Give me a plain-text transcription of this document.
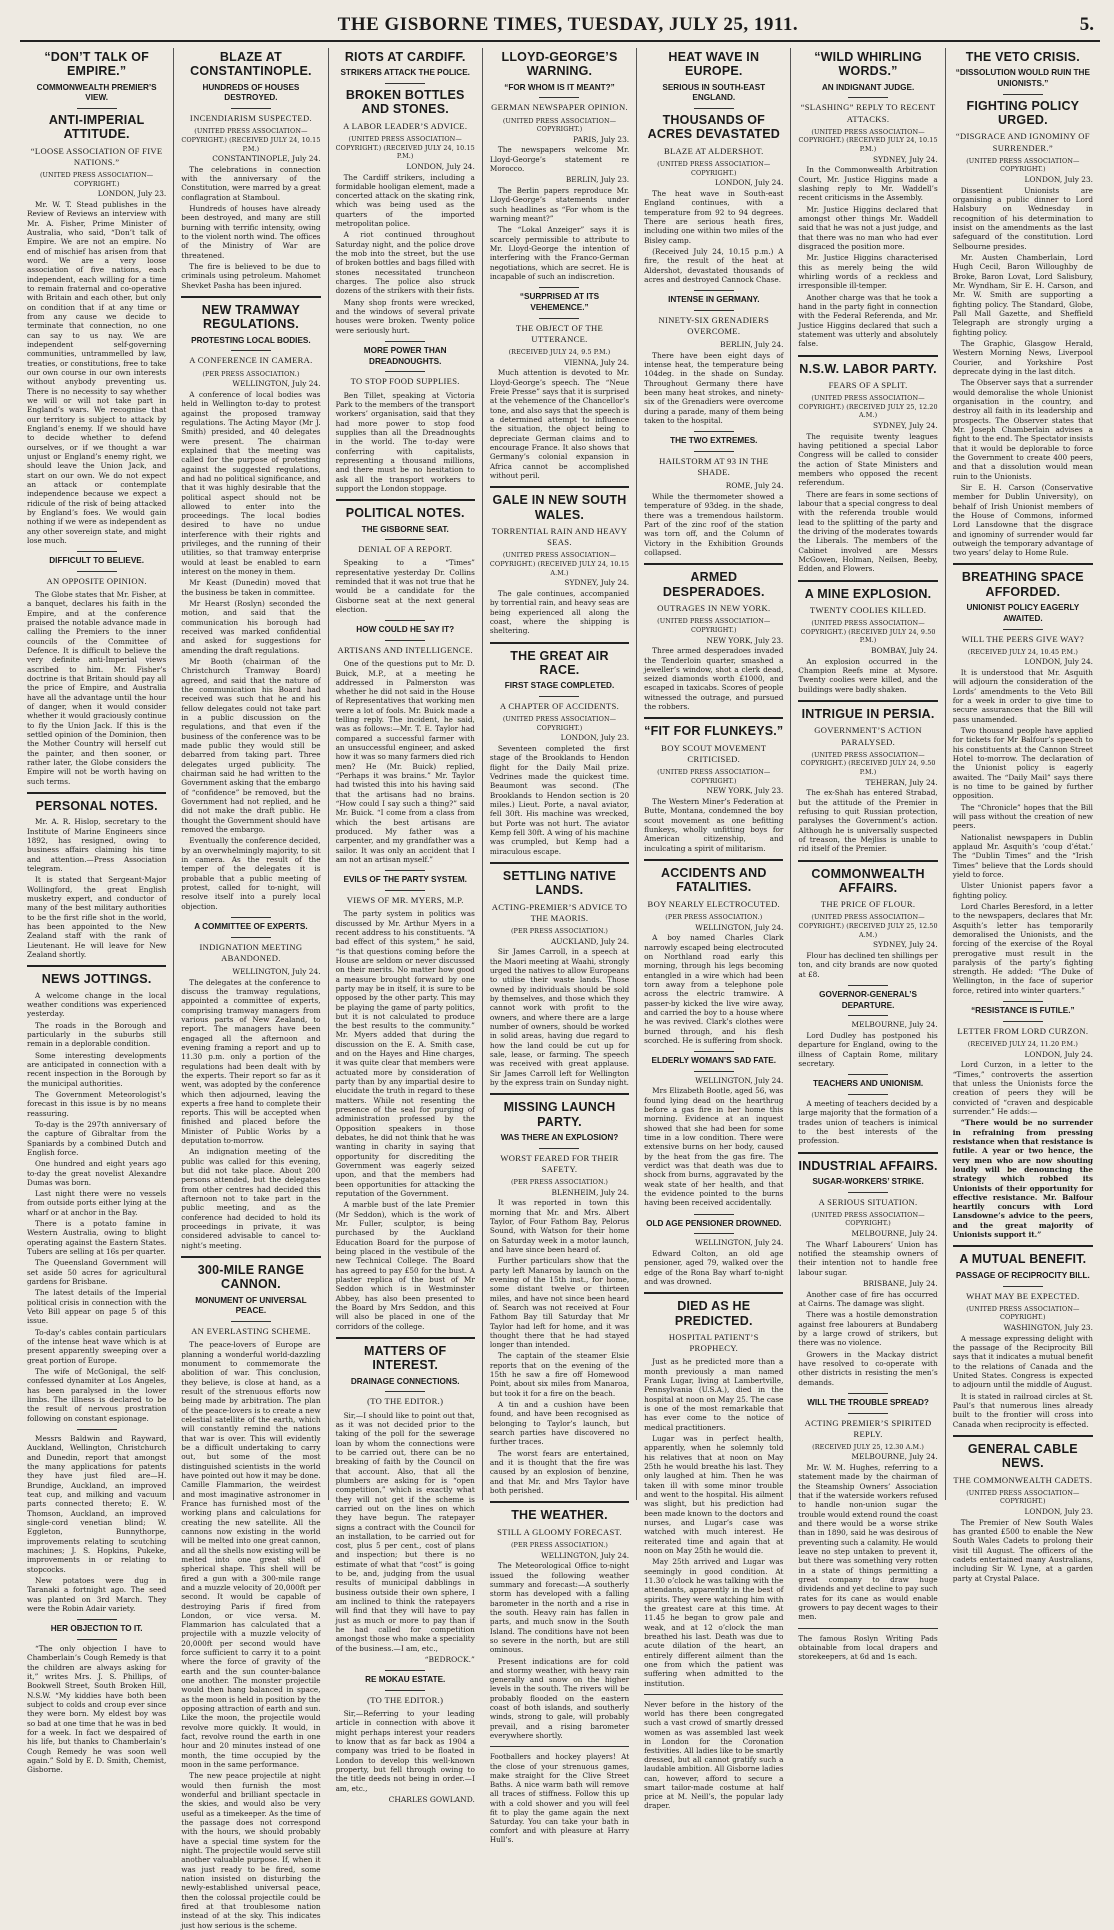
THE GISBORNE TIMES, TUESDAY, JULY 25, 1911.	5.
“DON’T TALK OF EMPIRE.”
COMMONWEALTH PREMIER’S VIEW.
ANTI-IMPERIAL ATTITUDE.
“LOOSE ASSOCIATION OF FIVE NATIONS.”
(UNITED PRESS ASSOCIATION—COPYRIGHT.)
LONDON, July 23.

Mr. W. T. Stead publishes in the Review of Reviews an interview with Mr. A. Fisher, Prime Minister of Australia, who said, “Don’t talk of Empire. We are not an empire. No end of mischief has arisen from that word. We are a very loose association of five nations, each independent, each willing for a time to remain fraternal and co-operative with Britain and each other, but only on condition that if at any time or from any cause we decide to terminate that connection, no one can say to us nay. We are independent self-governing communities, untrammelled by law, treaties, or constitutions, free to take our own course in our own interests without anybody preventing us. There is no necessity to say whether we will or will not take part in England’s wars. We recognise that our territory is subject to attack by England’s enemy. If we should have to decide whether to defend ourselves, or if we thought a war unjust or England’s enemy right, we should leave the Union Jack, and start on our own. We do not expect an attack or contemplate independence because we expect a ridicule of the risk of being attacked by England’s foes. We would gain nothing if we were as independent as any other sovereign state, and might lose much.

DIFFICULT TO BELIEVE.
AN OPPOSITE OPINION.

The Globe states that Mr. Fisher, at a banquet, declares his faith in the Empire, and at the conference praised the notable advance made in calling the Premiers to the inner councils of the Committee of Defence. It is difficult to believe the very definite anti-Imperial views ascribed to him. Mr. Fisher’s doctrine is that Britain should pay all the price of Empire, and Australia have all the advantage until the hour of danger, when it would consider whether it would graciously continue to fly the Union Jack. If this is the settled opinion of the Dominion, then the Mother Country will herself cut the painter, and then sooner, or rather later, the Globe considers the Empire will not be worth having on such terms.

PERSONAL NOTES.

Mr. A. R. Hislop, secretary to the Institute of Marine Engineers since 1892, has resigned, owing to business affairs claiming his time and attention.—Press Association telegram.

It is stated that Sergeant-Major Wollingford, the great English musketry expert, and conductor of many of the best military authorities to be the first rifle shot in the world, has been appointed to the New Zealand staff with the rank of Lieutenant. He will leave for New Zealand shortly.

NEWS JOTTINGS.

A welcome change in the local weather conditions was experienced yesterday.

The roads in the Borough and particularly in the suburbs still remain in a deplorable condition.

Some interesting developments are anticipated in connection with a recent inspection in the Borough by the municipal authorities.

The Government Meteorologist’s forecast in this issue is by no means reassuring.

To-day is the 297th anniversary of the capture of Gibraltar from the Spaniards by a combined Dutch and English force.

One hundred and eight years ago to-day the great novelist Alexandre Dumas was born.

Last night there were no vessels from outside ports either lying at the wharf or at anchor in the Bay.

There is a potato famine in Western Australia, owing to blight operating against the Eastern States. Tubers are selling at 16s per quarter.

The Queensland Government will set aside 50 acres for agricultural gardens for Brisbane.

The latest details of the Imperial political crisis in connection with the Veto Bill appear on page 5 of this issue.

To-day’s cables contain particulars of the intense heat wave which is at present apparently sweeping over a great portion of Europe.

The wife of McGonigal, the self-confessed dynamiter at Los Angeles, has been paralysed in the lower limbs. The illness is declared to be the result of nervous prostration following on constant espionage.

Messrs Baldwin and Rayward, Auckland, Wellington, Christchurch and Dunedin, report that amongst the many applications for patents they have just filed are—H. Brundige, Auckland, an improved teat cup, and milking and vacuum parts connected thereto; E. W. Thomson, Auckland, an improved single-cord venetian blind; W. Eggleton, Bunnythorpe, improvements relating to scutching machines; J. S. Hopkins, Pukeke, improvements in or relating to stopcocks.

New potatoes were dug in Taranaki a fortnight ago. The seed was planted on 3rd March. They were the Robin Adair variety.

HER OBJECTION TO IT.

“The only objection I have to Chamberlain’s Cough Remedy is that the children are always asking for it,” writes Mrs. J. S. Phillips, of Bookwell Street, South Broken Hill, N.S.W. “My kiddies have both been subject to colds and croup ever since they were born. My eldest boy was so bad at one time that he was in bed for a week. In fact we despaired of his life, but thanks to Chamberlain’s Cough Remedy he was soon well again.” Sold by E. D. Smith, Chemist, Gisborne.

BLAZE AT CONSTANTINOPLE.
HUNDREDS OF HOUSES DESTROYED.
INCENDIARISM SUSPECTED.
(UNITED PRESS ASSOCIATION—COPYRIGHT.) (RECEIVED JULY 24, 10.15 P.M.)
CONSTANTINOPLE, July 24.

The celebrations in connection with the anniversary of the Constitution, were marred by a great conflagration at Stamboul.

Hundreds of houses have already been destroyed, and many are still burning with terrific intensity, owing to the violent north wind. The offices of the Ministry of War are threatened.

The fire is believed to be due to criminals using petroleum. Mahomet Shevket Pasha has been injured.

NEW TRAMWAY REGULATIONS.
PROTESTING LOCAL BODIES.
A CONFERENCE IN CAMERA.
(PER PRESS ASSOCIATION.)
WELLINGTON, July 24.

A conference of local bodies was held in Wellington to-day to protest against the proposed tramway regulations. The Acting Mayor (Mr J. Smith) presided, and 40 delegates were present. The chairman explained that the meeting was called for the purpose of protesting against the suggested regulations, and had no political significance, and that it was highly desirable that the political aspect should not be allowed to enter into the proceedings. The local bodies desired to have no undue interference with their rights and privileges, and the running of their utilities, so that tramway enterprise would at least be enabled to earn interest on the money in them.

Mr Keast (Dunedin) moved that the business be taken in committee.

Mr Hearst (Roslyn) seconded the motion, and said that the communication his borough had received was marked confidential and asked for suggestions for amending the draft regulations.

Mr Booth (chairman of the Christchurch Tramway Board) agreed, and said that the nature of the communication his Board had received was such that he and his fellow delegates could not take part in a public discussion on the regulations, and that even if the business of the conference was to be made public they would still be debarred from taking part. Three delegates urged publicity. The chairman said he had written to the Government asking that the embargo of “confidence” be removed, but the Government had not replied, and he did not make the draft public. He thought the Government should have removed the embargo.

Eventually the conference decided, by an overwhelmingly majority, to sit in camera. As the result of the temper of the delegates it is probable that a public meeting of protest, called for to-night, will resolve itself into a purely local objection.

A COMMITTEE OF EXPERTS.
INDIGNATION MEETING ABANDONED.
WELLINGTON, July 24.

The delegates at the conference to discuss the tramway regulations, appointed a committee of experts, comprising tramway managers from various parts of New Zealand, to report. The managers have been engaged all the afternoon and evening framing a report and up to 11.30 p.m. only a portion of the regulations had been dealt with by the experts. Their report so far as it went, was adopted by the conference which then adjourned, leaving the experts a free hand to complete their reports. This will be accepted when finished and placed before the Minister of Public Works by a deputation to-morrow.

An indignation meeting of the public was called for this evening, but did not take place. About 200 persons attended, but the delegates from other centres had decided this afternoon not to take part in the public meeting, and as the conference had decided to hold its proceedings in private, it was considered advisable to cancel to-night’s meeting.

300-MILE RANGE CANNON.
MONUMENT OF UNIVERSAL PEACE.
AN EVERLASTING SCHEME.

The peace-lovers of Europe are planning a wonderful world-dazzling monument to commemorate the abolition of war. This conclusion, they believe, is close at hand, as a result of the strenuous efforts now being made by arbitration. The plan of the peace-lovers is to create a new celestial satellite of the earth, which will constantly remind the nations that war is over. This will evidently be a difficult undertaking to carry out, but some of the most distinguished scientists in the world have pointed out how it may be done. Camille Flammarion, the weirdest and most imaginative astronomer in France has furnished most of the working plans and calculations for creating the new satellite. All the cannons now existing in the world will be melted into one great cannon, and all the shells now existing will be melted into one great shell of spherical shape. This shell will be fired a gun with a 300-mile range and a muzzle velocity of 20,000ft per second. It would be capable of destroying Paris if fired from London, or vice versa. M. Flammarion has calculated that a projectile with a muzzle velocity of 20,000ft per second would have force sufficient to carry it to a point where the force of gravity of the earth and the sun counter-balance one another. The monster projectile would then hang balanced in space, as the moon is held in position by the opposing attraction of earth and sun. Like the moon, the projectile would revolve more quickly. It would, in fact, revolve round the earth in one hour and 20 minutes instead of one month, the time occupied by the moon in the same performance.

The new peace projectile at night would then furnish the most wonderful and brilliant spectacle in the skies, and would also be very useful as a timekeeper. As the time of the passage does not correspond with the hours, we should probably have a special time system for the night. The projectile would serve still another valuable purpose. If, when it was just ready to be fired, some nation insisted on disturbing the newly-established universal peace, then the colossal projectile could be fired at that troublesome nation instead of at the sky. This indicates just how serious is the scheme.

RIOTS AT CARDIFF.
STRIKERS ATTACK THE POLICE.
BROKEN BOTTLES AND STONES.
A LABOR LEADER’S ADVICE.
(UNITED PRESS ASSOCIATION—COPYRIGHT.) (RECEIVED JULY 24, 10.15 P.M.)
LONDON, July 24.

The Cardiff strikers, including a formidable hooligan element, made a concerted attack on the skating rink, which was being used as the quarters of the imported metropolitan police.

A riot continued throughout Saturday night, and the police drove the mob into the street, but the use of broken bottles and bags filled with stones necessitated truncheon charges. The police also struck dozens of the strikers with their fists.

Many shop fronts were wrecked, and the windows of several private houses were broken. Twenty police were seriously hurt.

MORE POWER THAN DREADNOUGHTS.
TO STOP FOOD SUPPLIES.

Ben Tillet, speaking at Victoria Park to the members of the transport workers’ organisation, said that they had more power to stop food supplies than all the Dreadnoughts in the world. The to-day were conferring with capitalists, representing a thousand millions, and there must be no hesitation to ask all the transport workers to support the London stoppage.

POLITICAL NOTES.
THE GISBORNE SEAT.
DENIAL OF A REPORT.

Speaking to a “Times” representative yesterday Dr. Collins reminded that it was not true that he would be a candidate for the Gisborne seat at the next general election.

HOW COULD HE SAY IT?
ARTISANS AND INTELLIGENCE.

One of the questions put to Mr. D. Buick, M.P., at a meeting he addressed in Palmerston was whether he did not said in the House of Representatives that working men were a lot of fools. Mr. Buick made a telling reply. The incident, he said, was as follows:—Mr. T. E. Taylor had compared a successful farmer with an unsuccessful engineer, and asked how it was so many farmers died rich men? He (Mr. Buick) replied, “Perhaps it was brains.” Mr. Taylor had twisted this into his having said that the artisans had no brains. “How could I say such a thing?” said Mr. Buick. “I come from a class from which the best artisans are produced. My father was a carpenter, and my grandfather was a sailor. It was only an accident that I am not an artisan myself.”

EVILS OF THE PARTY SYSTEM.
VIEWS OF MR. MYERS, M.P.

The party system in politics was discussed by Mr. Arthur Myers in a recent address to his constituents. “A bad effect of this system,” he said, “is that questions coming before the House are seldom or never discussed on their merits. No matter how good a measure brought forward by one party may be in itself, it is sure to be opposed by the other party. This may be playing the game of party politics, but it is not calculated to produce the best results to the community.” Mr. Myers added that during the discussion on the E. A. Smith case, and on the Hayes and Hine charges, it was quite clear that members were actuated more by consideration of party than by any impartial desire to elucidate the truth in regard to these matters. While not resenting the presence of the seal for purging of administration professed by the Opposition speakers in those debates, he did not think that he was wanting in charity in saying that opportunity for discrediting the Government was eagerly seized upon, and that the members had been opportunities for attacking the reputation of the Government.

A marble bust of the late Premier (Mr Seddon), which is the work of Mr. Fuller, sculptor, is being purchased by the Auckland Education Board for the purpose of being placed in the vestibule of the new Technical College. The Board has agreed to pay £50 for the bust. A plaster replica of the bust of Mr Seddon which is in Westminster Abbey, has also been presented to the Board by Mrs Seddon, and this will also be placed in one of the corridors of the college.

MATTERS OF INTEREST.
DRAINAGE CONNECTIONS.
(TO THE EDITOR.)

Sir,—I should like to point out that, as it was not decided prior to the taking of the poll for the sewerage loan by whom the connections were to be carried out, there can be no breaking of faith by the Council on that account. Also, that all the plumbers are asking for is “open competition,” which is exactly what they will not get if the scheme is carried out on the lines on which they have begun. The ratepayer signs a contract with the Council for an installation, to be carried out for cost, plus 5 per cent., cost of plans and inspection; but there is no estimate of what that “cost” is going to be, and, judging from the usual results of municipal dabblings in business outside their own sphere, I am inclined to think the ratepayers will find that they will have to pay just as much or more to pay than if he had called for competition amongst those who make a speciality of the business.—I am, etc.,

“BEDROCK.”
RE MOKAU ESTATE.
(TO THE EDITOR.)

Sir,—Referring to your leading article in connection with above it might perhaps interest your readers to know that as far back as 1904 a company was tried to be floated in London to develop this well-known property, but fell through owing to the title deeds not being in order.—I am, etc.,

CHARLES GOWLAND.
LLOYD-GEORGE’S WARNING.
“FOR WHOM IS IT MEANT?”
GERMAN NEWSPAPER OPINION.
(UNITED PRESS ASSOCIATION—COPYRIGHT.)
PARIS, July 23.

The newspapers welcome Mr. Lloyd-George’s statement re Morocco.

BERLIN, July 23.

The Berlin papers reproduce Mr. Lloyd-George’s statements under such headlines as “For whom is the warning meant?”

The “Lokal Anzeiger” says it is scarcely permissible to attribute to Mr. Lloyd-George the intention of interfering with the Franco-German negotiations, which are secret. He is incapable of such an indiscretion.

“SURPRISED AT ITS VEHEMENCE.”
THE OBJECT OF THE UTTERANCE.
(RECEIVED JULY 24, 9.5 P.M.)
VIENNA, July 24.

Much attention is devoted to Mr. Lloyd-George’s speech. The “Neue Freie Presse” says that it is surprised at the vehemence of the Chancellor’s tone, and also says that the speech is a determined attempt to influence the situation, the object being to depreciate German claims and to encourage France. It also shows that Germany’s colonial expansion in Africa cannot be accomplished without peril.

GALE IN NEW SOUTH WALES.
TORRENTIAL RAIN AND HEAVY SEAS.
(UNITED PRESS ASSOCIATION—COPYRIGHT.) (RECEIVED JULY 24, 10.15 A.M.)
SYDNEY, July 24.

The gale continues, accompanied by torrential rain, and heavy seas are being experienced all along the coast, where the shipping is sheltering.

THE GREAT AIR RACE.
FIRST STAGE COMPLETED.
A CHAPTER OF ACCIDENTS.
(UNITED PRESS ASSOCIATION—COPYRIGHT.)
LONDON, July 23.

Seventeen completed the first stage of the Brooklands to Hendon flight for the Daily Mail prize. Vedrines made the quickest time. Beaumont was second. (The Brooklands to Hendon section is 20 miles.) Lieut. Porte, a naval aviator, fell 30ft. His machine was wrecked, but Porte was not hurt. The aviator Kemp fell 30ft. A wing of his machine was crumpled, but Kemp had a miraculous escape.

SETTLING NATIVE LANDS.
ACTING-PREMIER’S ADVICE TO THE MAORIS.
(PER PRESS ASSOCIATION.)
AUCKLAND, July 24.

Sir James Carroll, in a speech at the Maori meeting at Waahi, strongly urged the natives to allow Europeans to utilise their waste lands. Those owned by individuals should be sold by themselves, and those which they cannot work with profit to the owners, and where there are a large number of owners, should be worked in solid areas, having due regard to how the land could be cut up for sale, lease, or farming. The speech was received with great applause. Sir James Carroll left for Wellington by the express train on Sunday night.

MISSING LAUNCH PARTY.
WAS THERE AN EXPLOSION?
WORST FEARED FOR THEIR SAFETY.
(PER PRESS ASSOCIATION.)
BLENHEIM, July 24.

It was reported in town this morning that Mr. and Mrs. Albert Taylor, of Four Fathom Bay, Pelorus Sound, with Watson for their home on Saturday week in a motor launch, and have since been heard of.

Further particulars show that the party left Manaroa by launch on the evening of the 15th inst., for home, some distant twelve or thirteen miles, and have not since been heard of. Search was not received at Four Fathom Bay till Saturday that Mr Taylor had left for home, and it was thought there that he had stayed longer than intended.

The captain of the steamer Elsie reports that on the evening of the 15th he saw a fire off Homewood Point, about six miles from Manaroa, but took it for a fire on the beach.

A tin and a cushion have been found, and have been recognised as belonging to Taylor’s launch, but search parties have discovered no further traces.

The worst fears are entertained, and it is thought that the fire was caused by an explosion of benzine, and that Mr. and Mrs Taylor have both perished.

THE WEATHER.
STILL A GLOOMY FORECAST.
(PER PRESS ASSOCIATION.)
WELLINGTON, July 24.

The Meteorological Office to-night issued the following weather summary and forecast:—A southerly storm has developed with a falling barometer in the north and a rise in the south. Heavy rain has fallen in parts, and much snow in the South Island. The conditions have not been so severe in the north, but are still ominous.

Present indications are for cold and stormy weather, with heavy rain generally and snow on the higher levels in the south. The rivers will be probably flooded on the eastern coast of both islands, and southerly winds, strong to gale, will probably prevail, and a rising barometer everywhere shortly.

Footballers and hockey players! At the close of your strenuous games, make straight for the Clive Street Baths. A nice warm bath will remove all traces of stiffness. Follow this up with a cold shower and you will feel fit to play the game again the next Saturday. You can take your bath in comfort and with pleasure at Harry Hull’s.

HEAT WAVE IN EUROPE.
SERIOUS IN SOUTH-EAST ENGLAND.
THOUSANDS OF ACRES DEVASTATED
BLAZE AT ALDERSHOT.
(UNITED PRESS ASSOCIATION—COPYRIGHT.)
LONDON, July 24.

The heat wave in South-east England continues, with a temperature from 92 to 94 degrees. There are serious heath fires, including one within two miles of the Bisley camp.

(Received July 24, 10.15 p.m.) A fire, the result of the heat at Aldershot, devastated thousands of acres and destroyed Cannock Chase.

INTENSE IN GERMANY.
NINETY-SIX GRENADIERS OVERCOME.
BERLIN, July 24.

There have been eight days of intense heat, the temperature being 104deg. in the shade on Sunday. Throughout Germany there have been many heat strokes, and ninety-six of the Grenadiers were overcome during a parade, many of them being taken to the hospital.

THE TWO EXTREMES.
HAILSTORM AT 93 IN THE SHADE.
ROME, July 24.

While the thermometer showed a temperature of 93deg. in the shade, there was a tremendous hailstorm. Part of the zinc roof of the station was torn off, and the Column of Victory in the Exhibition Grounds collapsed.

ARMED DESPERADOES.
OUTRAGES IN NEW YORK.
(UNITED PRESS ASSOCIATION—COPYRIGHT.)
NEW YORK, July 23.

Three armed desperadoes invaded the Tenderloin quarter, smashed a jeweller’s window, shot a clerk dead, seized diamonds worth £1000, and escaped in taxicabs. Scores of people witnessed the outrage, and pursued the robbers.

“FIT FOR FLUNKEYS.”
BOY SCOUT MOVEMENT CRITICISED.
(UNITED PRESS ASSOCIATION—COPYRIGHT.)
NEW YORK, July 23.

The Western Miner’s Federation at Butte, Montana, condemned the boy scout movement as one befitting flunkeys, wholly unfitting boys for American citizenship, and inculcating a spirit of militarism.

ACCIDENTS AND FATALITIES.
BOY NEARLY ELECTROCUTED.
(PER PRESS ASSOCIATION.)
WELLINGTON, July 24.

A boy named Charles Clark narrowly escaped being electrocuted on Northland road early this morning, through his legs becoming entangled in a wire which had been torn away from a telephone pole across the electric tramwire. A passer-by kicked the live wire away, and carried the boy to a house where he was revived. Clark’s clothes were burned through, and his flesh scorched. He is suffering from shock.

ELDERLY WOMAN’S SAD FATE.
WELLINGTON, July 24.

Mrs Elizabeth Bootle, aged 56, was found lying dead on the hearthrug before a gas fire in her home this morning. Evidence at an inquest showed that she had been for some time in a low condition. There were extensive burns on her body, caused by the heat from the gas fire. The verdict was that death was due to shock from burns, aggravated by the weak state of her health, and that the evidence pointed to the burns having been received accidentally.

OLD AGE PENSIONER DROWNED.
WELLINGTON, July 24.

Edward Colton, an old age pensioner, aged 79, walked over the edge of the Rona Bay wharf to-night and was drowned.

DIED AS HE PREDICTED.
HOSPITAL PATIENT’S PROPHECY.

Just as he predicted more than a month previously a man named Frank Lugar, living at Lambertville, Pennsylvania (U.S.A.), died in the hospital at noon on May 25. The case is one of the most remarkable that has ever come to the notice of medical practitioners.

Lugar was in perfect health, apparently, when he solemnly told his relatives that at noon on May 25th he would breathe his last. They only laughed at him. Then he was taken ill with some minor trouble and went to the hospital. His ailment was slight, but his prediction had been made known to the doctors and nurses, and Lugar’s case was watched with much interest. He reiterated time and again that at noon on May 25th he would die.

May 25th arrived and Lugar was seemingly in good condition. At 11.30 o’clock he was talking with the attendants, apparently in the best of spirits. They were watching him with the greatest care at this time. At 11.45 he began to grow pale and weak, and at 12 o’clock the man breathed his last. Death was due to acute dilation of the heart, an entirely different ailment than the one from which the patient was suffering when admitted to the institution.

Never before in the history of the world has there been congregated such a vast crowd of smartly dressed women as was assembled last week in London for the Coronation festivities. All ladies like to be smartly dressed, but all cannot gratify such a laudable ambition. All Gisborne ladies can, however, afford to secure a smart tailor-made costume at half price at M. Neill’s, the popular lady draper.

“WILD WHIRLING WORDS.”
AN INDIGNANT JUDGE.
“SLASHING” REPLY TO RECENT ATTACKS.
(UNITED PRESS ASSOCIATION—COPYRIGHT.) (RECEIVED JULY 24, 10.15 P.M.)
SYDNEY, July 24.

In the Commonwealth Arbitration Court, Mr. Justice Higgins made a slashing reply to Mr. Waddell’s recent criticisms in the Assembly.

Mr. Justice Higgins declared that amongst other things Mr. Waddell said that he was not a just judge, and that there was no man who had ever disgraced the position more.

Mr. Justice Higgins characterised this as merely being the wild whirling words of a reckless and irresponsible ill-temper.

Another charge was that he took a hand in the party fight in connection with the Federal Referenda, and Mr. Justice Higgins declared that such a statement was utterly and absolutely false.

N.S.W. LABOR PARTY.
FEARS OF A SPLIT.
(UNITED PRESS ASSOCIATION—COPYRIGHT.) (RECEIVED JULY 25, 12.20 A.M.)
SYDNEY, July 24.

The requisite twenty leagues having petitioned a special Labor Congress will be called to consider the action of State Ministers and members who opposed the recent referendum.

There are fears in some sections of labour that a special congress to deal with the referenda trouble would lead to the splitting of the party and the driving of the moderates towards the Liberals. The members of the Cabinet involved are Messrs McGowen, Holman, Neilsen, Beeby, Edden, and Flowers.

A MINE EXPLOSION.
TWENTY COOLIES KILLED.
(UNITED PRESS ASSOCIATION—COPYRIGHT.) (RECEIVED JULY 24, 9.50 P.M.)
BOMBAY, July 24.

An explosion occurred in the Champion Reefs mine at Mysore. Twenty coolies were killed, and the buildings were badly shaken.

INTRIGUE IN PERSIA.
GOVERNMENT’S ACTION PARALYSED.
(UNITED PRESS ASSOCIATION—COPYRIGHT.) (RECEIVED JULY 24, 9.50 P.M.)
TEHERAN, July 24.

The ex-Shah has entered Strabad, but the attitude of the Premier in refusing to quit Russian protection, paralyses the Government’s action. Although he is universally suspected of treason, the Mejliss is unable to rid itself of the Premier.

COMMONWEALTH AFFAIRS.
THE PRICE OF FLOUR.
(UNITED PRESS ASSOCIATION—COPYRIGHT.) (RECEIVED JULY 25, 12.50 A.M.)
SYDNEY, July 24.

Flour has declined ten shillings per ton, and city brands are now quoted at £8.

GOVERNOR-GENERAL’S DEPARTURE.
MELBOURNE, July 24.

Lord Dudley has postponed his departure for England, owing to the illness of Captain Rome, military secretary.

TEACHERS AND UNIONISM.

A meeting of teachers decided by a large majority that the formation of a trades union of teachers is inimical to the best interests of the profession.

INDUSTRIAL AFFAIRS.
SUGAR-WORKERS’ STRIKE.
A SERIOUS SITUATION.
(UNITED PRESS ASSOCIATION—COPYRIGHT.)
MELBOURNE, July 24.

The Wharf Labourers’ Union has notified the steamship owners of their intention not to handle free labour sugar.

BRISBANE, July 24.

Another case of fire has occurred at Cairns. The damage was slight.

There was a hostile demonstration against free labourers at Bundaberg by a large crowd of strikers, but there was no violence.

Growers in the Mackay district have resolved to co-operate with other districts in resisting the men’s demands.

WILL THE TROUBLE SPREAD?
ACTING PREMIER’S SPIRITED REPLY.
(RECEIVED JULY 25, 12.30 A.M.)
MELBOURNE, July 24.

Mr. W. M. Hughes, referring to a statement made by the chairman of the Steamship Owners’ Association that if the waterside workers refused to handle non-union sugar the trouble would extend round the coast and there would be a worse strike than in 1890, said he was desirous of preventing such a calamity. He would leave no step untaken to prevent it, but there was something very rotten in a state of things permitting a great company to draw huge dividends and yet decline to pay such rates for its cane as would enable growers to pay decent wages to their men.

The famous Roslyn Writing Pads obtainable from local drapers and storekeepers, at 6d and 1s each.

THE VETO CRISIS.
“DISSOLUTION WOULD RUIN THE UNIONISTS.”
FIGHTING POLICY URGED.
“DISGRACE AND IGNOMINY OF SURRENDER.”
(UNITED PRESS ASSOCIATION—COPYRIGHT.)
LONDON, July 23.

Dissentient Unionists are organising a public dinner to Lord Halsbury on Wednesday in recognition of his determination to insist on the amendments as the last safeguard of the constitution. Lord Selbourne presides.

Mr. Austen Chamberlain, Lord Hugh Cecil, Baron Willoughby de Broke, Baron Lovat, Lord Salisbury, Mr. Wyndham, Sir E. H. Carson, and Mr. W. Smith are supporting a fighting policy. The Standard, Globe, Pall Mall Gazette, and Sheffield Telegraph are strongly urging a fighting policy.

The Graphic, Glasgow Herald, Western Morning News, Liverpool Courier, and Yorkshire Post deprecate dying in the last ditch.

The Observer says that a surrender would demoralise the whole Unionist organisation in the country, and destroy all faith in its leadership and prospects. The Observer states that Mr. Joseph Chamberlain advises a fight to the end. The Spectator insists that it would be deplorable to force the Government to create 400 peers, and that a dissolution would mean ruin to the Unionists.

Sir E. H. Carson (Conservative member for Dublin University), on behalf of Irish Unionist members of the House of Commons, informed Lord Lansdowne that the disgrace and ignominy of surrender would far outweigh the temporary advantage of two years’ delay to Home Rule.

BREATHING SPACE AFFORDED.
UNIONIST POLICY EAGERLY AWAITED.
WILL THE PEERS GIVE WAY?
(RECEIVED JULY 24, 10.45 P.M.)
LONDON, July 24.

It is understood that Mr. Asquith will adjourn the consideration of the Lords’ amendments to the Veto Bill for a week in order to give time to secure assurances that the Bill will pass unamended.

Two thousand people have applied for tickets for Mr Balfour’s speech to his constituents at the Cannon Street Hotel to-morrow. The declaration of the Unionist policy is eagerly awaited. The “Daily Mail” says there is no time to be gained by further opposition.

The “Chronicle” hopes that the Bill will pass without the creation of new peers.

Nationalist newspapers in Dublin applaud Mr. Asquith’s ‘coup d’état.’ The “Dublin Times” and the “Irish Times” believe that the Lords should yield to force.

Ulster Unionist papers favor a fighting policy.

Lord Charles Beresford, in a letter to the newspapers, declares that Mr. Asquith’s letter has temporarily demoralised the Unionists, and the forcing of the exercise of the Royal prerogative must result in the paralysis of the party’s fighting strength. He added: “The Duke of Wellington, in the face of superior force, retired into winter quarters.”

“RESISTANCE IS FUTILE.”
LETTER FROM LORD CURZON.
(RECEIVED JULY 24, 11.20 P.M.)
LONDON, July 24.

Lord Curzon, in a letter to the “Times,” controverts the assertion that unless the Unionists force the creation of peers they will be convicted of “craven and despicable surrender.” He adds:—

“There would be no surrender in refraining from pressing resistance when that resistance is futile. A year or two hence, the very men who are now shouting loudly will be denouncing the strategy which robbed its Unionists of their opportunity for effective resistance. Mr. Balfour heartily concurs with Lord Lansdowne’s advice to the peers, and the great majority of Unionists support it.”

A MUTUAL BENEFIT.
PASSAGE OF RECIPROCITY BILL.
WHAT MAY BE EXPECTED.
(UNITED PRESS ASSOCIATION—COPYRIGHT.)
WASHINGTON, July 23.

A message expressing delight with the passage of the Reciprocity Bill says that it indicates a mutual benefit to the relations of Canada and the United States. Congress is expected to adjourn until the middle of August.

It is stated in railroad circles at St. Paul’s that numerous lines already built to the frontier will cross into Canada when reciprocity is effected.

GENERAL CABLE NEWS.
THE COMMONWEALTH CADETS.
(UNITED PRESS ASSOCIATION—COPYRIGHT.)
LONDON, July 23.

The Premier of New South Wales has granted £500 to enable the New South Wales Cadets to prolong their visit till August. The officers of the cadets entertained many Australians, including Sir W. Lyne, at a garden party at Crystal Palace.
